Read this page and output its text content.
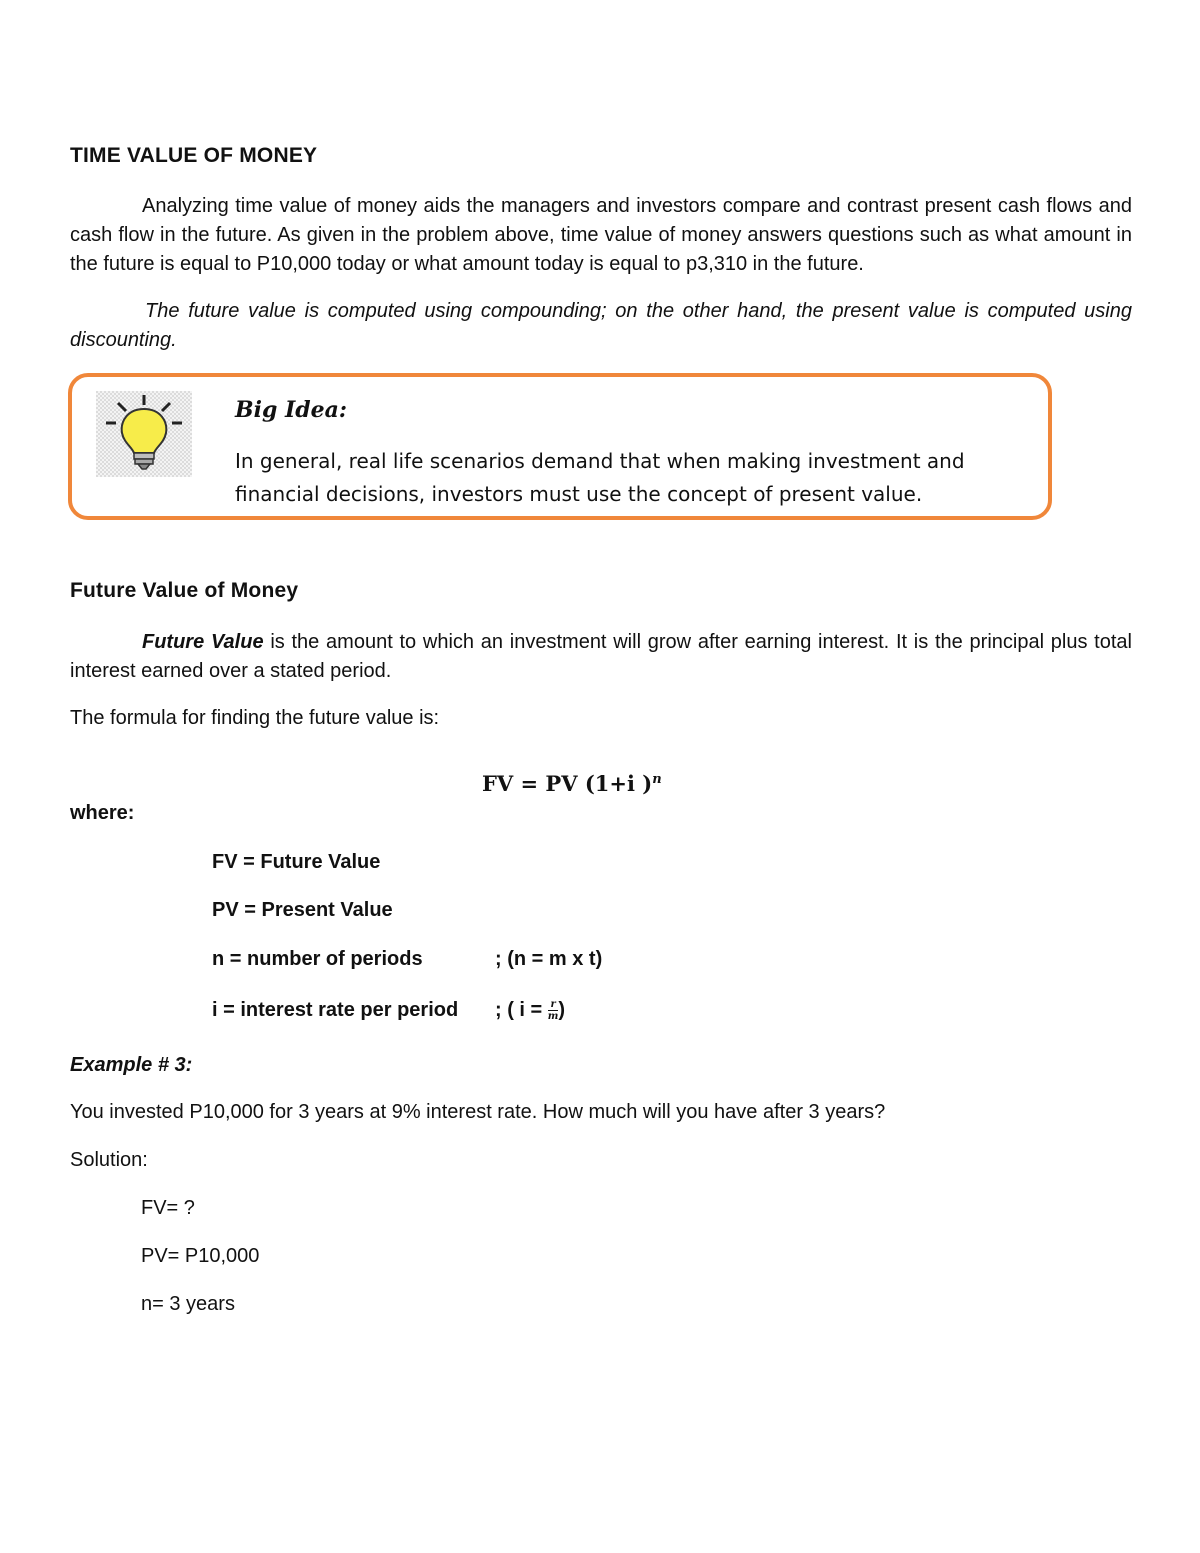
TIME VALUE OF MONEY
Analyzing time value of money aids the managers and investors compare and contrast present cash flows and cash flow in the future. As given in the problem above, time value of money answers questions such as what amount in the future is equal to P10,000 today or what amount today is equal to p3,310 in the future.
The future value is computed using compounding; on the other hand, the present value is computed using discounting.
Big Idea:
In general, real life scenarios demand that when making investment and
financial decisions, investors must use the concept of present value.
Future Value of Money
Future Value is the amount to which an investment will grow after earning interest. It is the principal plus total interest earned over a stated period.
The formula for finding the future value is:
FV = PV (1+i )$^n$
where:
FV = Future Value
PV = Present Value
n = number of periods	; (n = m x t)
i = interest rate per period ; ( $i = \frac{r}{m}$ )
Example # 3:
You invested P10,000 for 3 years at 9% interest rate. How much will you have after 3 years?
Solution:
FV= ?
PV= P10,000
n= 3 years
